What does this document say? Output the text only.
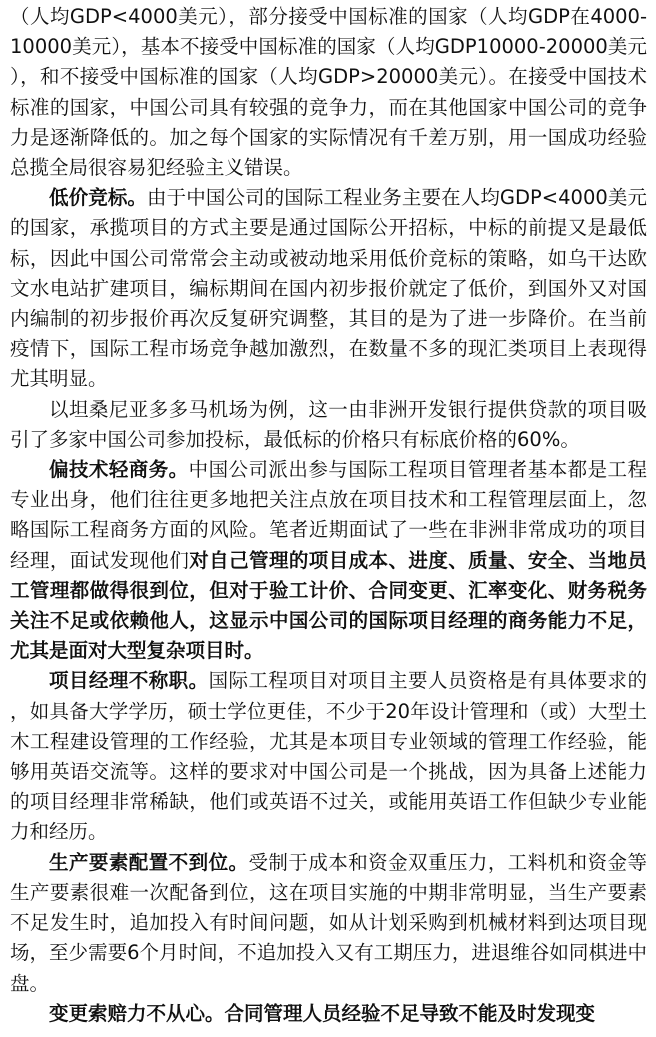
（人均GDP<4000美元），部分接受中国标准的国家（人均GDP在4000-10000美元），基本不接受中国标准的国家（人均GDP10000-20000美元），和不接受中国标准的国家（人均GDP>20000美元）。在接受中国技术标准的国家，中国公司具有较强的竞争力，而在其他国家中国公司的竞争力是逐渐降低的。加之每个国家的实际情况有千差万别，用一国成功经验总揽全局很容易犯经验主义错误。

低价竞标。由于中国公司的国际工程业务主要在人均GDP<4000美元的国家，承揽项目的方式主要是通过国际公开招标，中标的前提又是最低标，因此中国公司常常会主动或被动地采用低价竞标的策略，如乌干达欧文水电站扩建项目，编标期间在国内初步报价就定了低价，到国外又对国内编制的初步报价再次反复研究调整，其目的是为了进一步降价。在当前疫情下，国际工程市场竞争越加激烈，在数量不多的现汇类项目上表现得尤其明显。

以坦桑尼亚多多马机场为例，这一由非洲开发银行提供贷款的项目吸引了多家中国公司参加投标，最低标的价格只有标底价格的60%。

偏技术轻商务。中国公司派出参与国际工程项目管理者基本都是工程专业出身，他们往往更多地把关注点放在项目技术和工程管理层面上，忽略国际工程商务方面的风险。笔者近期面试了一些在非洲非常成功的项目经理，面试发现他们对自己管理的项目成本、进度、质量、安全、当地员工管理都做得很到位，但对于验工计价、合同变更、汇率变化、财务税务关注不足或依赖他人，这显示中国公司的国际项目经理的商务能力不足，尤其是面对大型复杂项目时。

项目经理不称职。国际工程项目对项目主要人员资格是有具体要求的，如具备大学学历，硕士学位更佳，不少于20年设计管理和（或）大型土木工程建设管理的工作经验，尤其是本项目专业领域的管理工作经验，能够用英语交流等。这样的要求对中国公司是一个挑战，因为具备上述能力的项目经理非常稀缺，他们或英语不过关，或能用英语工作但缺少专业能力和经历。

生产要素配置不到位。受制于成本和资金双重压力，工料机和资金等生产要素很难一次配备到位，这在项目实施的中期非常明显，当生产要素不足发生时，追加投入有时间问题，如从计划采购到机械材料到达项目现场，至少需要6个月时间，不追加投入又有工期压力，进退维谷如同棋进中盘。

变更索赔力不从心。合同管理人员经验不足导致不能及时发现变
